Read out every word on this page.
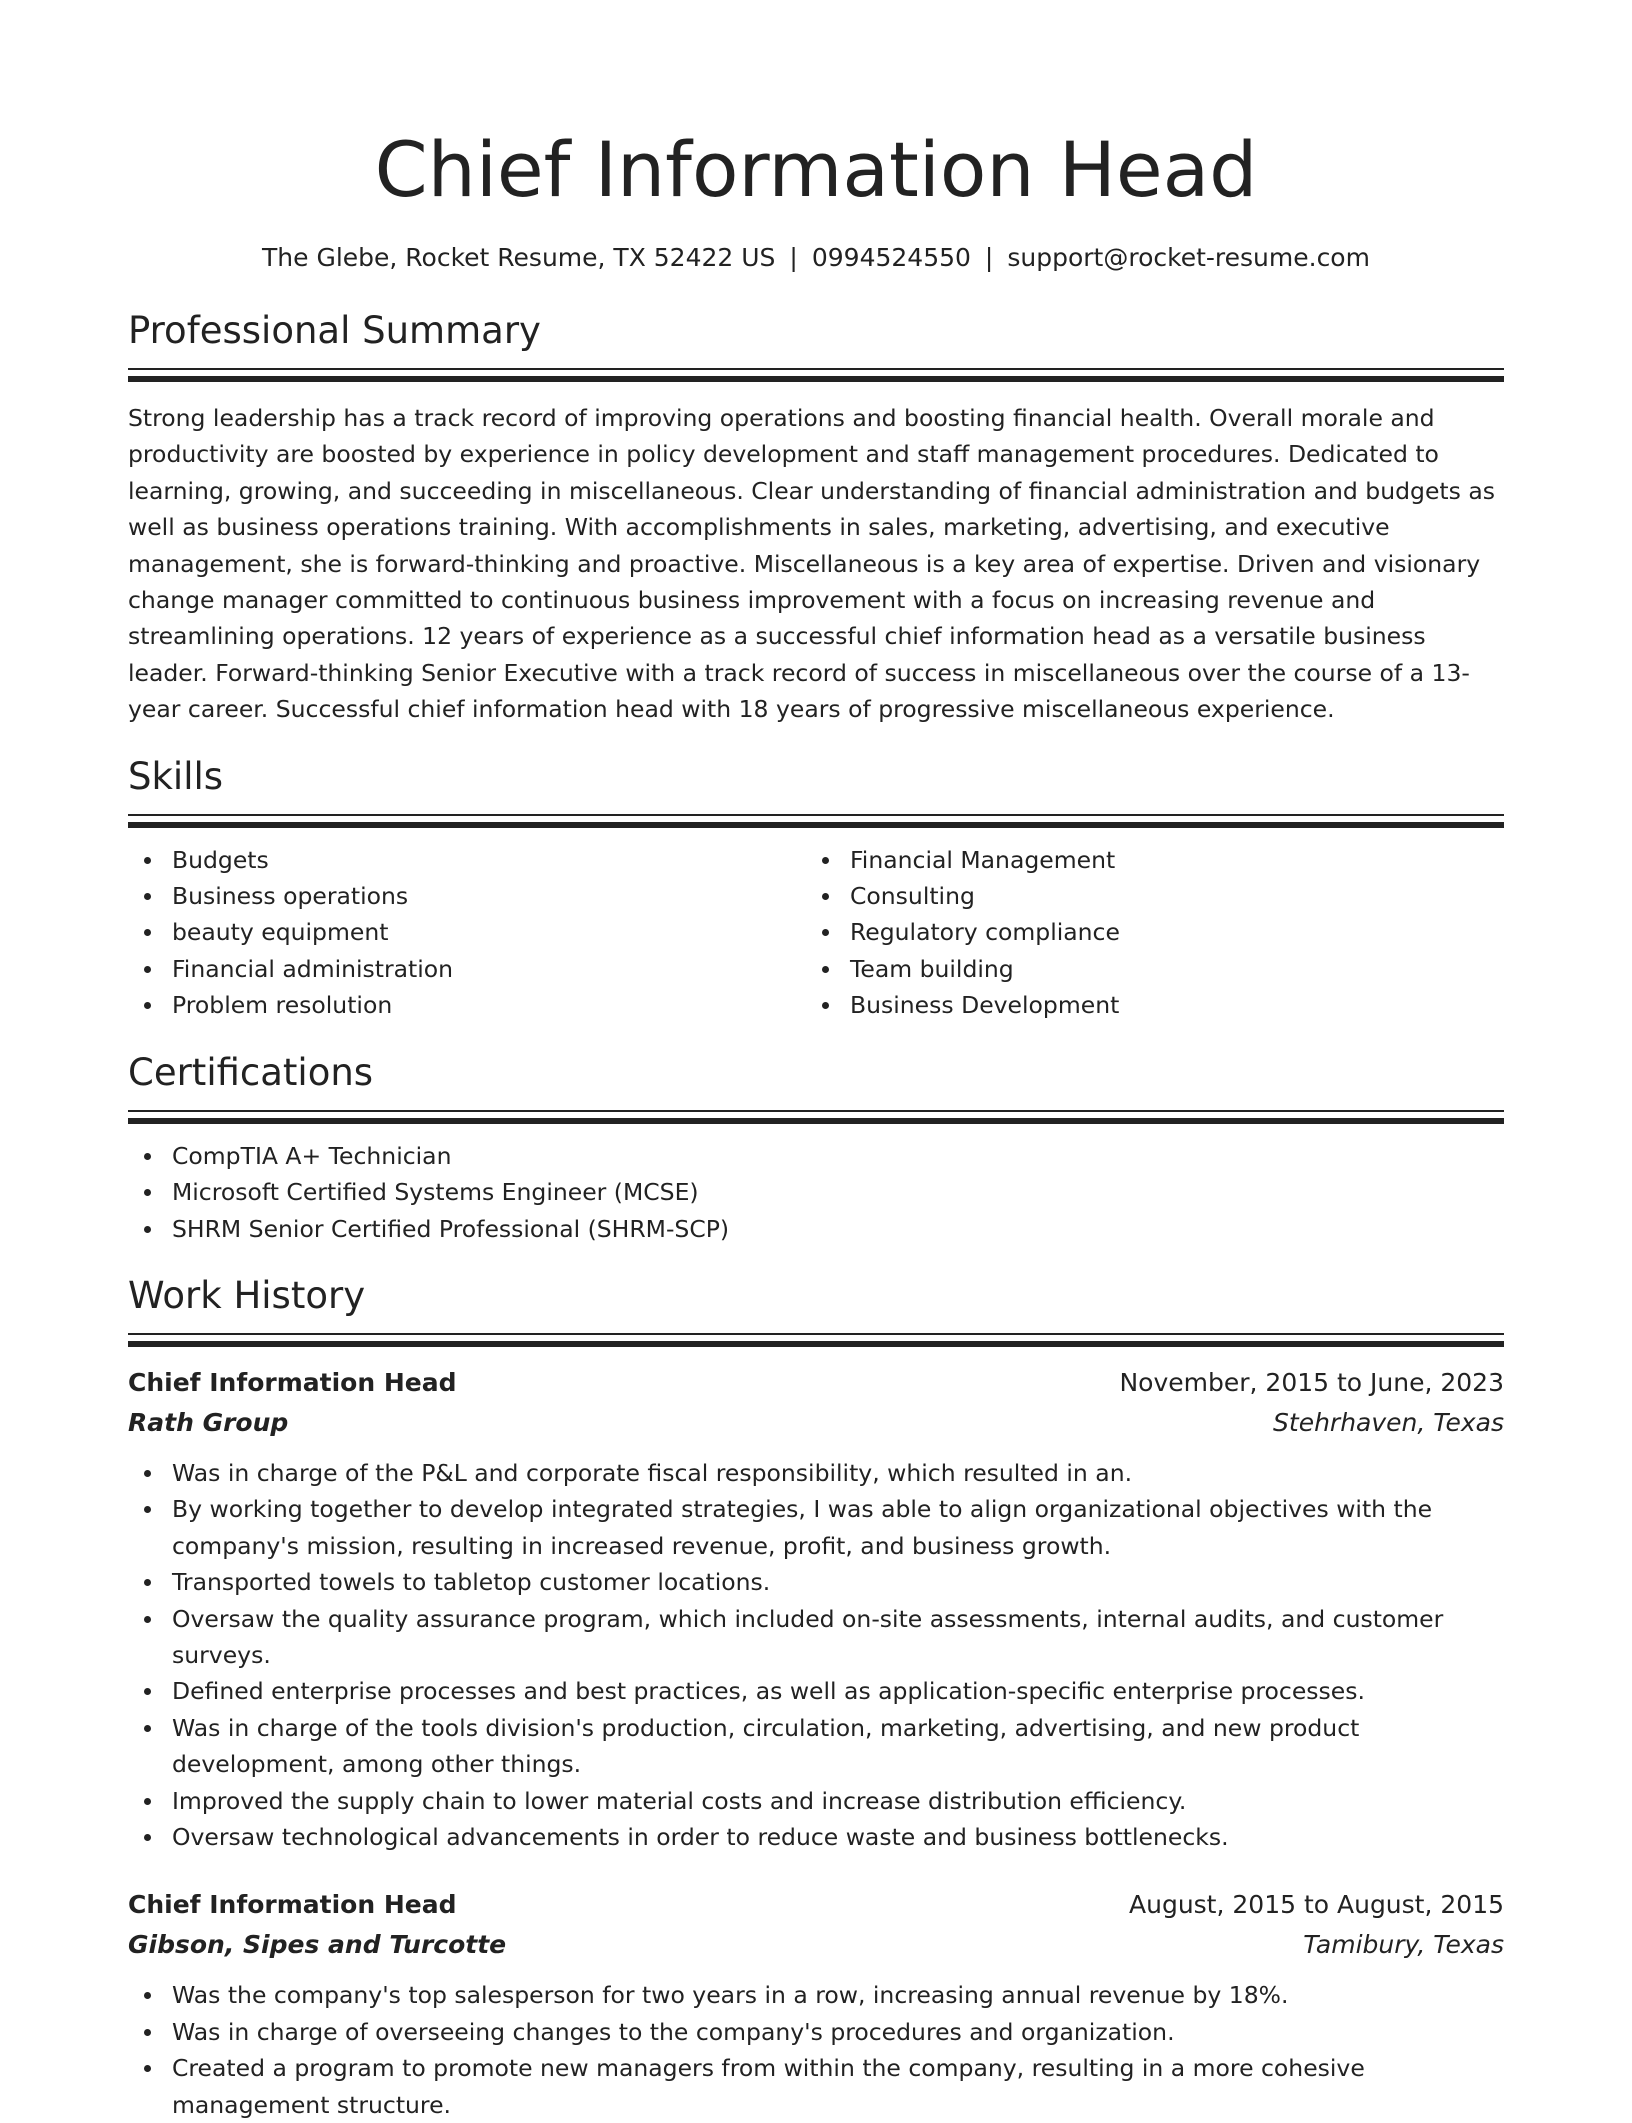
Chief Information Head
The Glebe, Rocket Resume, TX 52422 US | 0994524550 | support@rocket-resume.com
Professional Summary
Strong leadership has a track record of improving operations and boosting financial health. Overall morale and productivity are boosted by experience in policy development and staff management procedures. Dedicated to learning, growing, and succeeding in miscellaneous. Clear understanding of financial administration and budgets as well as business operations training. With accomplishments in sales, marketing, advertising, and executive management, she is forward-thinking and proactive. Miscellaneous is a key area of expertise. Driven and visionary change manager committed to continuous business improvement with a focus on increasing revenue and streamlining operations. 12 years of experience as a successful chief information head as a versatile business leader. Forward-thinking Senior Executive with a track record of success in miscellaneous over the course of a 13-year career. Successful chief information head with 18 years of progressive miscellaneous experience.
Skills
Budgets
Business operations
beauty equipment
Financial administration
Problem resolution
Financial Management
Consulting
Regulatory compliance
Team building
Business Development
Certifications
CompTIA A+ Technician
Microsoft Certified Systems Engineer (MCSE)
SHRM Senior Certified Professional (SHRM-SCP)
Work History
Chief Information Head	November, 2015 to June, 2023
Rath Group	Stehrhaven, Texas
Was in charge of the P&L and corporate fiscal responsibility, which resulted in an.
By working together to develop integrated strategies, I was able to align organizational objectives with the company's mission, resulting in increased revenue, profit, and business growth.
Transported towels to tabletop customer locations.
Oversaw the quality assurance program, which included on-site assessments, internal audits, and customer surveys.
Defined enterprise processes and best practices, as well as application-specific enterprise processes.
Was in charge of the tools division's production, circulation, marketing, advertising, and new product development, among other things.
Improved the supply chain to lower material costs and increase distribution efficiency.
Oversaw technological advancements in order to reduce waste and business bottlenecks.
Chief Information Head	August, 2015 to August, 2015
Gibson, Sipes and Turcotte	Tamibury, Texas
Was the company's top salesperson for two years in a row, increasing annual revenue by 18%.
Was in charge of overseeing changes to the company's procedures and organization.
Created a program to promote new managers from within the company, resulting in a more cohesive management structure.
